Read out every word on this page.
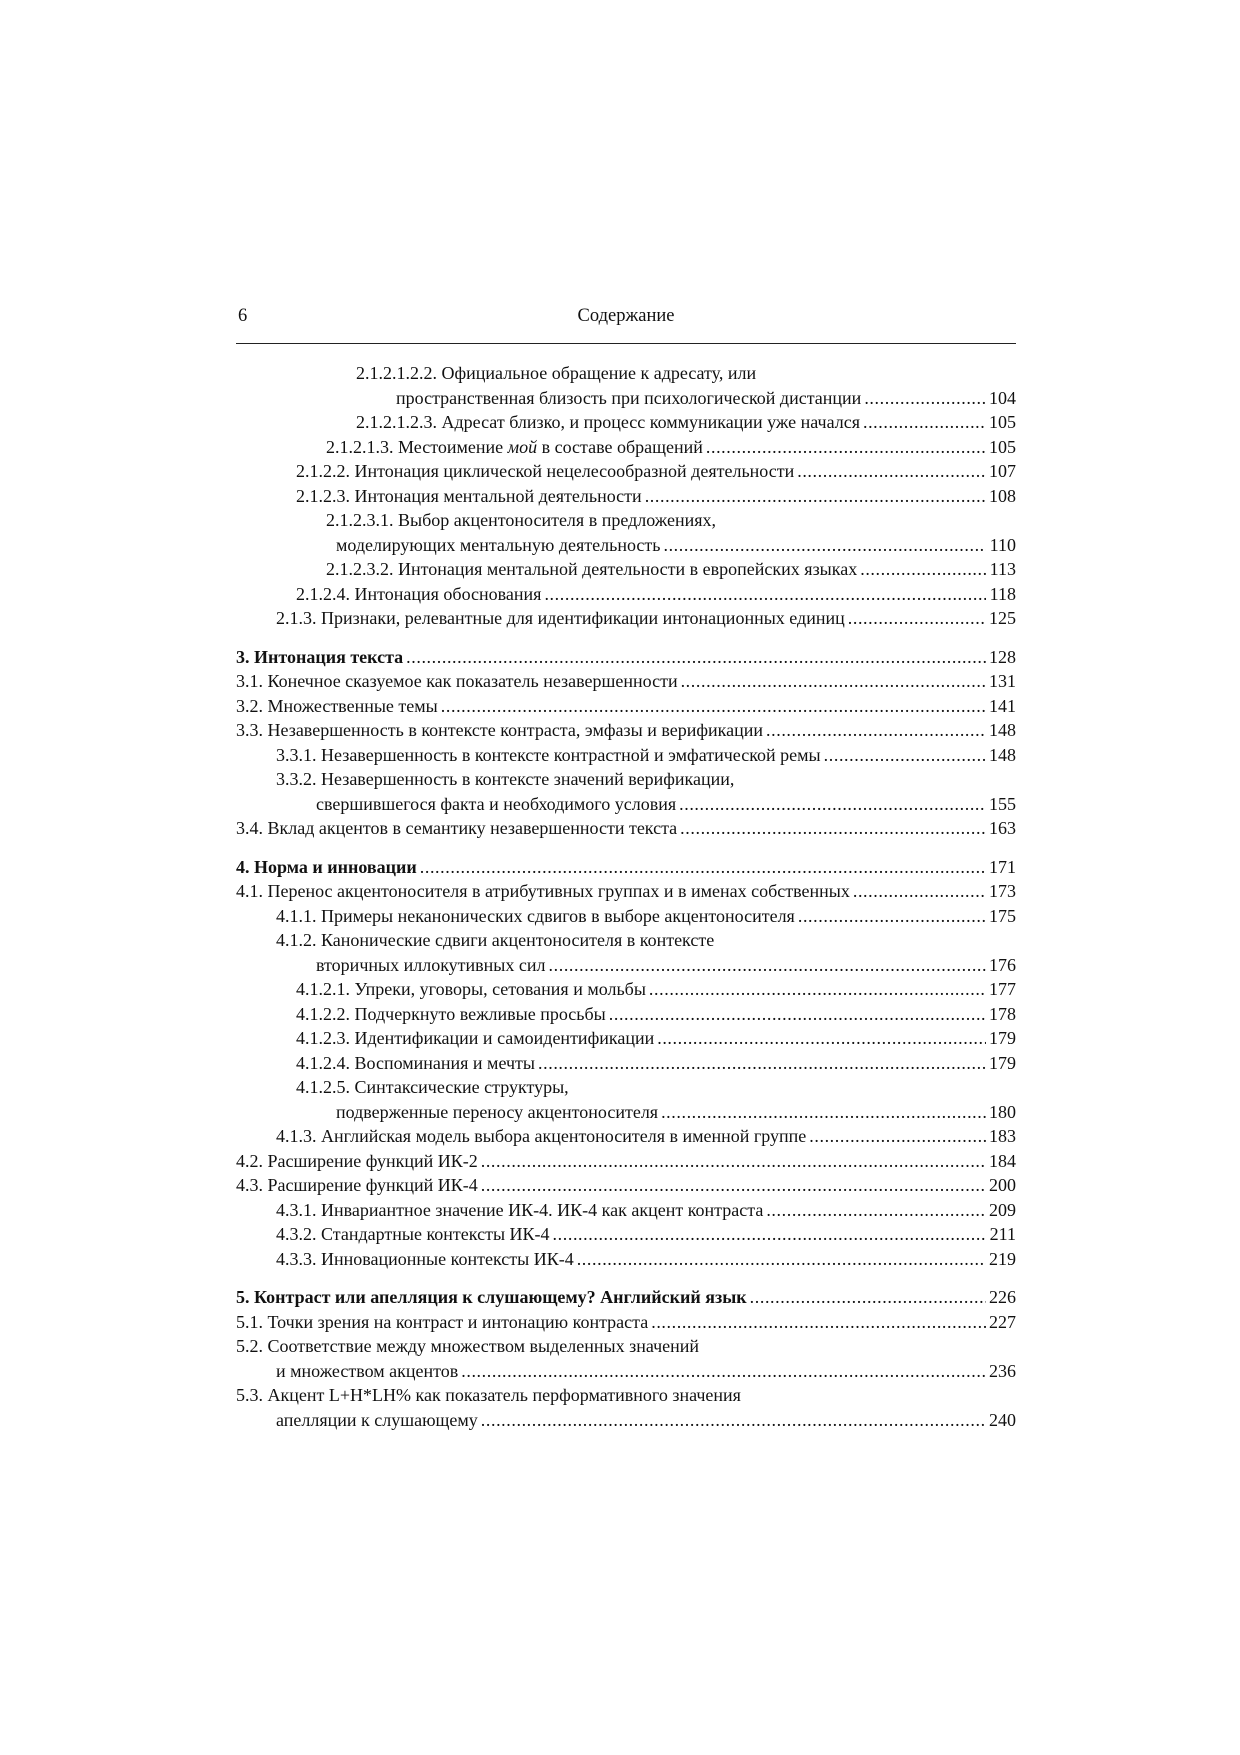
6	Содержание
2.1.2.1.2.2. Официальное обращение к адресату, или
пространственная близость при психологической дистанции .....	104
2.1.2.1.2.3. Адресат близко, и процесс коммуникации уже начался .....	105
2.1.2.1.3. Местоимение мой в составе обращений .....	105
2.1.2.2. Интонация циклической нецелесообразной деятельности .....	107
2.1.2.3. Интонация ментальной деятельности .....	108
2.1.2.3.1. Выбор акцентоносителя в предложениях,
моделирующих ментальную деятельность .....	110
2.1.2.3.2. Интонация ментальной деятельности в европейских языках .....	113
2.1.2.4. Интонация обоснования .....	118
2.1.3. Признаки, релевантные для идентификации интонационных единиц .....	125
3. Интонация текста .....	128
3.1. Конечное сказуемое как показатель незавершенности .....	131
3.2. Множественные темы .....	141
3.3. Незавершенность в контексте контраста, эмфазы и верификации .....	148
3.3.1. Незавершенность в контексте контрастной и эмфатической ремы .....	148
3.3.2. Незавершенность в контексте значений верификации,
свершившегося факта и необходимого условия .....	155
3.4. Вклад акцентов в семантику незавершенности текста .....	163
4. Норма и инновации .....	171
4.1. Перенос акцентоносителя в атрибутивных группах и в именах собственных .....	173
4.1.1. Примеры неканонических сдвигов в выборе акцентоносителя .....	175
4.1.2. Канонические сдвиги акцентоносителя в контексте
вторичных иллокутивных сил .....	176
4.1.2.1. Упреки, уговоры, сетования и мольбы .....	177
4.1.2.2. Подчеркнуто вежливые просьбы .....	178
4.1.2.3. Идентификации и самоидентификации .....	179
4.1.2.4. Воспоминания и мечты .....	179
4.1.2.5. Синтаксические структуры,
подверженные переносу акцентоносителя .....	180
4.1.3. Английская модель выбора акцентоносителя в именной группе .....	183
4.2. Расширение функций ИК-2 .....	184
4.3. Расширение функций ИК-4 .....	200
4.3.1. Инвариантное значение ИК-4. ИК-4 как акцент контраста .....	209
4.3.2. Стандартные контексты ИК-4 .....	211
4.3.3. Инновационные контексты ИК-4 .....	219
5. Контраст или апелляция к слушающему? Английский язык .....	226
5.1. Точки зрения на контраст и интонацию контраста .....	227
5.2. Соответствие между множеством выделенных значений
и множеством акцентов .....	236
5.3. Акцент L+H*LH% как показатель перформативного значения
апелляции к слушающему .....	240
